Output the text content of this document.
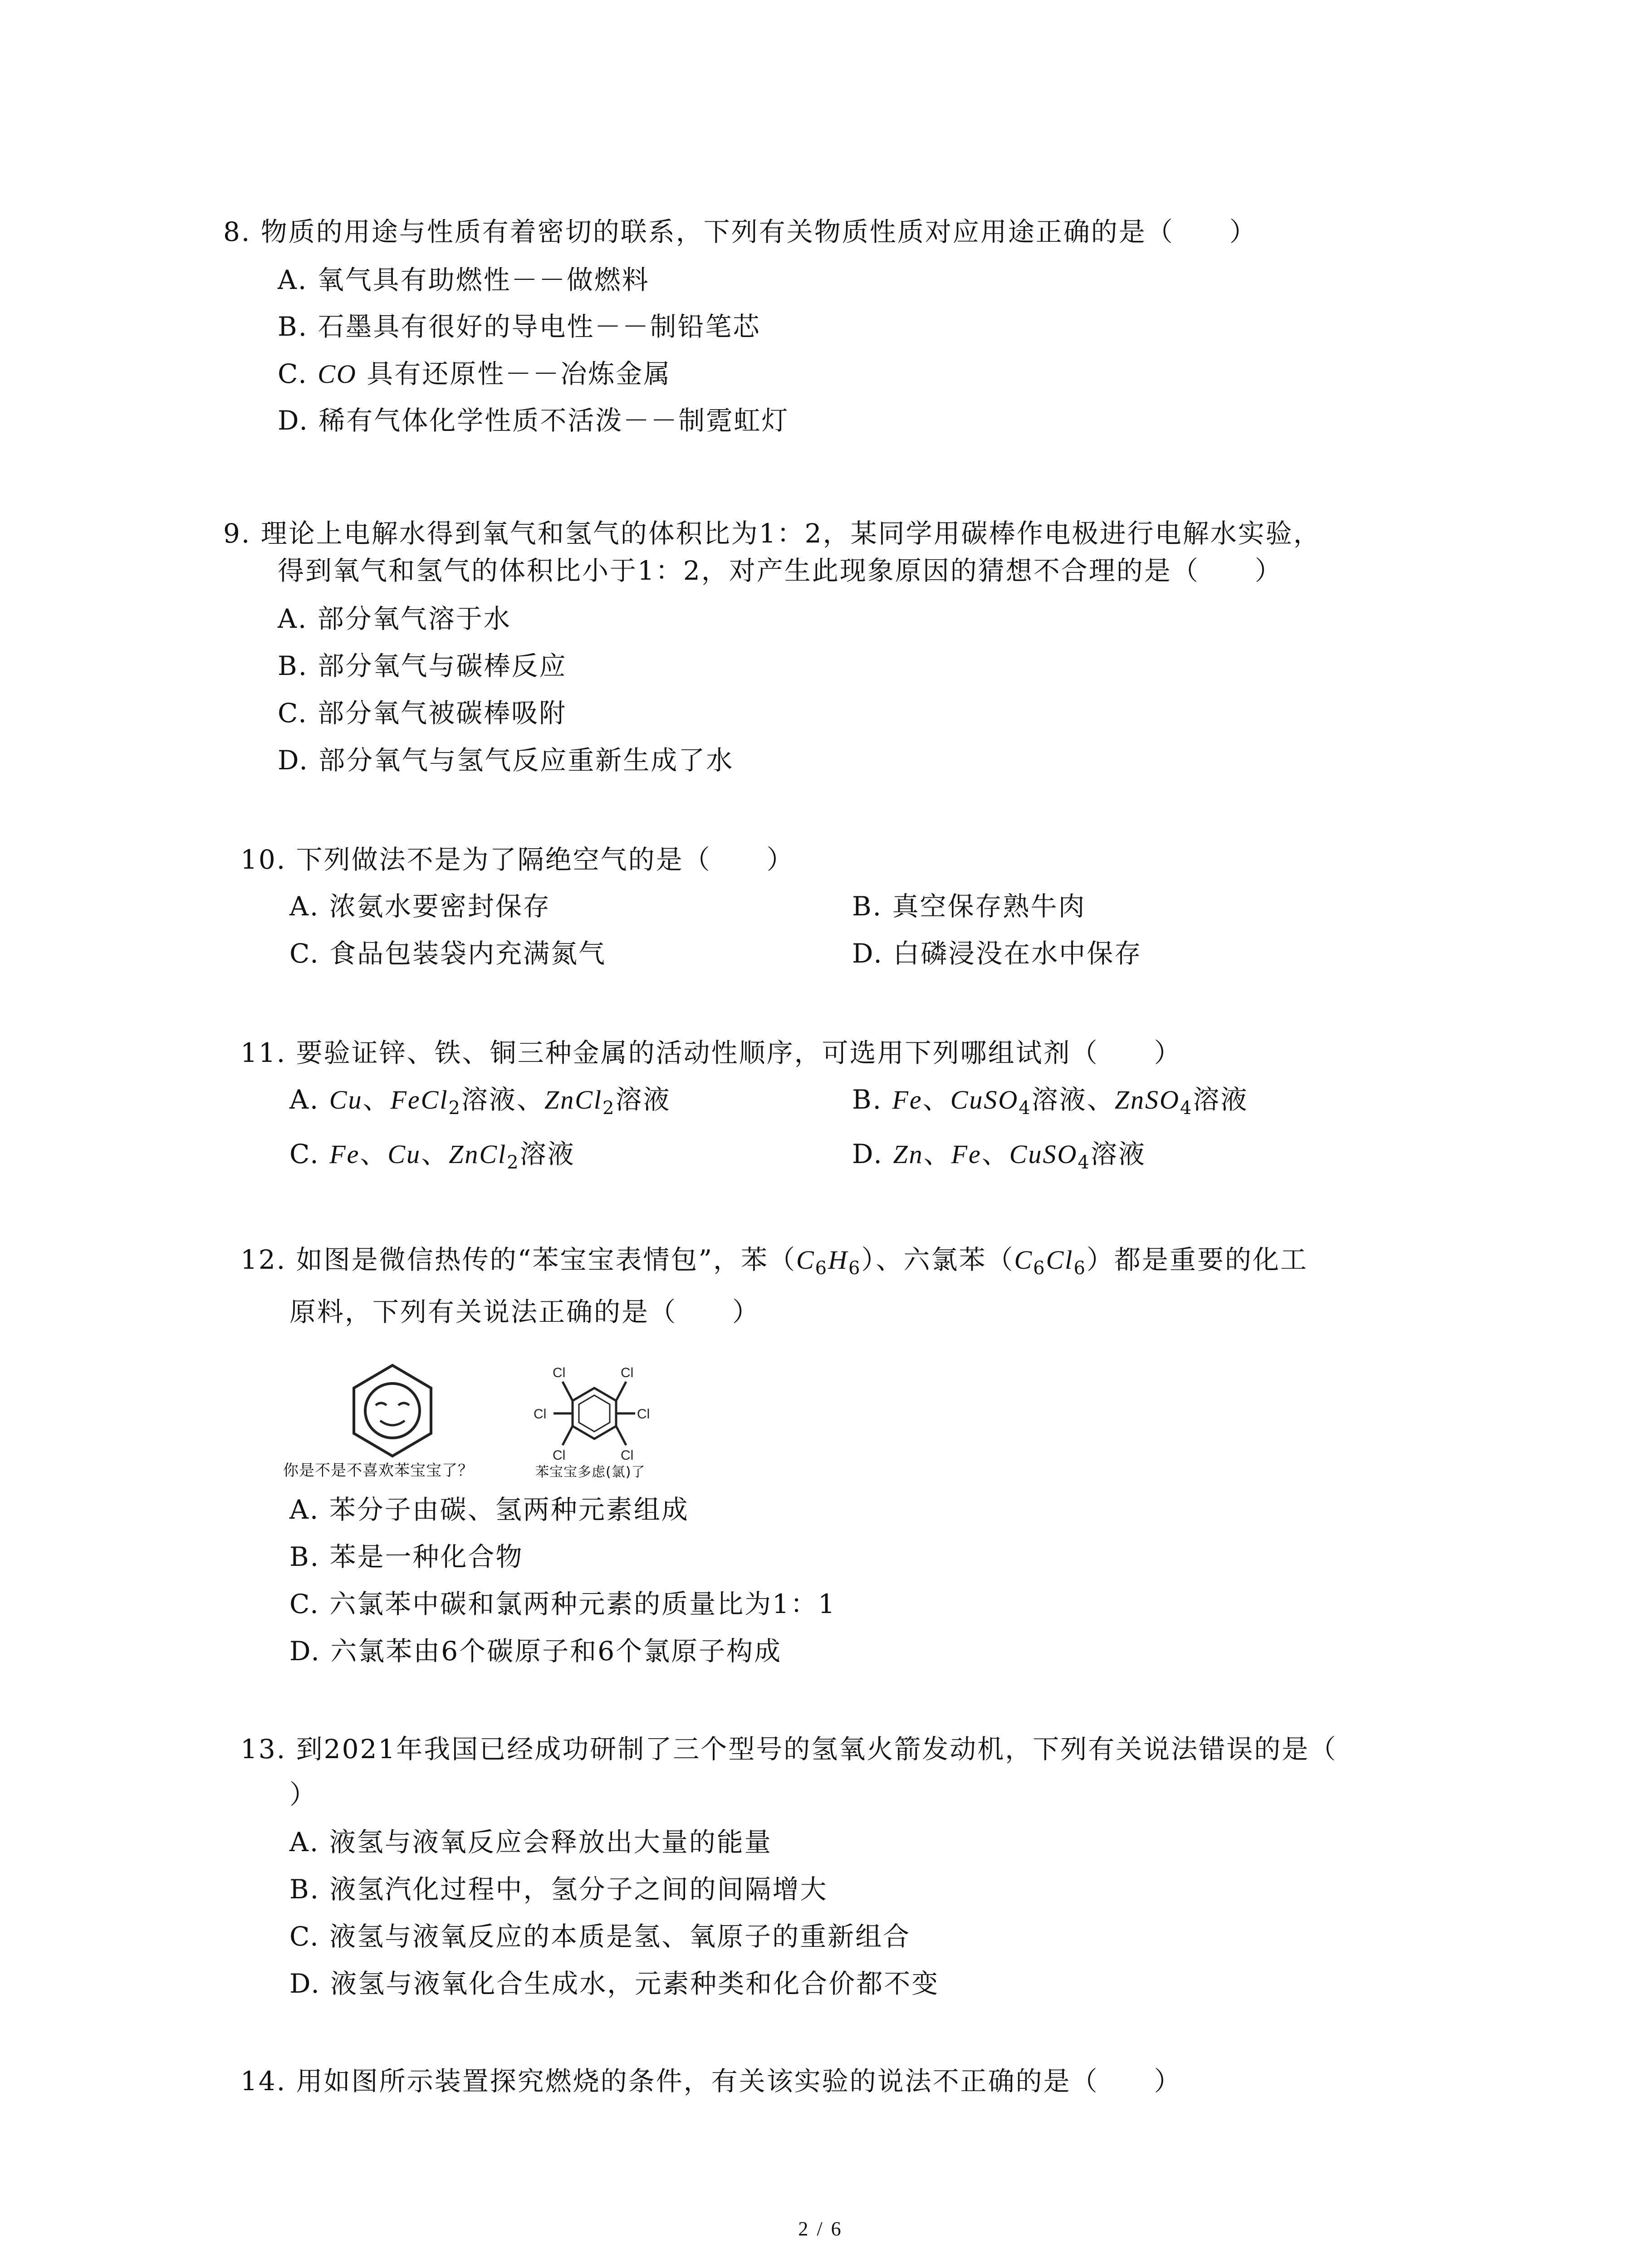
8. 物质的用途与性质有着密切的联系，下列有关物质性质对应用途正确的是（　　）
A. 氧气具有助燃性－－做燃料
B. 石墨具有很好的导电性－－制铅笔芯
C. CO 具有还原性－－冶炼金属
D. 稀有气体化学性质不活泼－－制霓虹灯
9. 理论上电解水得到氧气和氢气的体积比为1：2，某同学用碳棒作电极进行电解水实验，
得到氧气和氢气的体积比小于1：2，对产生此现象原因的猜想不合理的是（　　）
A. 部分氧气溶于水
B. 部分氧气与碳棒反应
C. 部分氧气被碳棒吸附
D. 部分氧气与氢气反应重新生成了水
10. 下列做法不是为了隔绝空气的是（　　）
A. 浓氨水要密封保存	B. 真空保存熟牛肉
C. 食品包装袋内充满氮气	D. 白磷浸没在水中保存
11. 要验证锌、铁、铜三种金属的活动性顺序，可选用下列哪组试剂（　　）
A. Cu、FeCl$_2$溶液、ZnCl$_2$溶液	B. Fe、CuSO$_4$溶液、ZnSO$_4$溶液
C. Fe、Cu、ZnCl$_2$溶液	D. Zn、Fe、CuSO$_4$溶液
12. 如图是微信热传的“苯宝宝表情包”，苯$(C_6H_6)$、六氯苯$(C_6Cl_6)$都是重要的化工
原料，下列有关说法正确的是（　　）
Cl	Cl
Cl	Cl
Cl	Cl
你是不是不喜欢苯宝宝了？	苯宝宝多虑(氯)了
A. 苯分子由碳、氢两种元素组成
B. 苯是一种化合物
C. 六氯苯中碳和氯两种元素的质量比为1：1
D. 六氯苯由6个碳原子和6个氯原子构成
13. 到2021年我国已经成功研制了三个型号的氢氧火箭发动机，下列有关说法错误的是（
）
A. 液氢与液氧反应会释放出大量的能量
B. 液氢汽化过程中，氢分子之间的间隔增大
C. 液氢与液氧反应的本质是氢、氧原子的重新组合
D. 液氢与液氧化合生成水，元素种类和化合价都不变
14. 用如图所示装置探究燃烧的条件，有关该实验的说法不正确的是（　　）
2 / 6
